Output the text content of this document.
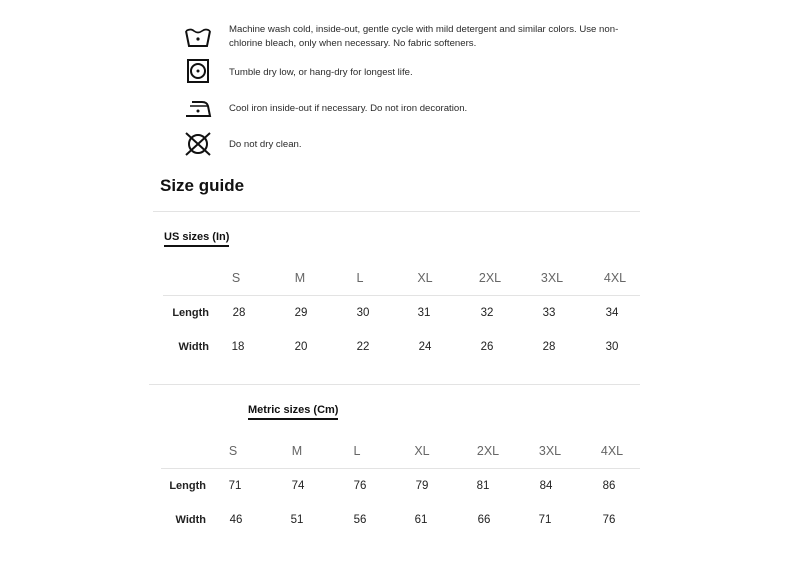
Machine wash cold, inside-out, gentle cycle with mild detergent and similar colors. Use non-chlorine bleach, only when necessary. No fabric softeners.
Tumble dry low, or hang-dry for longest life.
Cool iron inside-out if necessary. Do not iron decoration.
Do not dry clean.
Size guide
US sizes (In)
S	M	L	XL	2XL	3XL	4XL
Length	28	29	30	31	32	33	34
Width	18	20	22	24	26	28	30
Metric sizes (Cm)
S	M	L	XL	2XL	3XL	4XL
Length	71	74	76	79	81	84	86
Width	46	51	56	61	66	71	76
